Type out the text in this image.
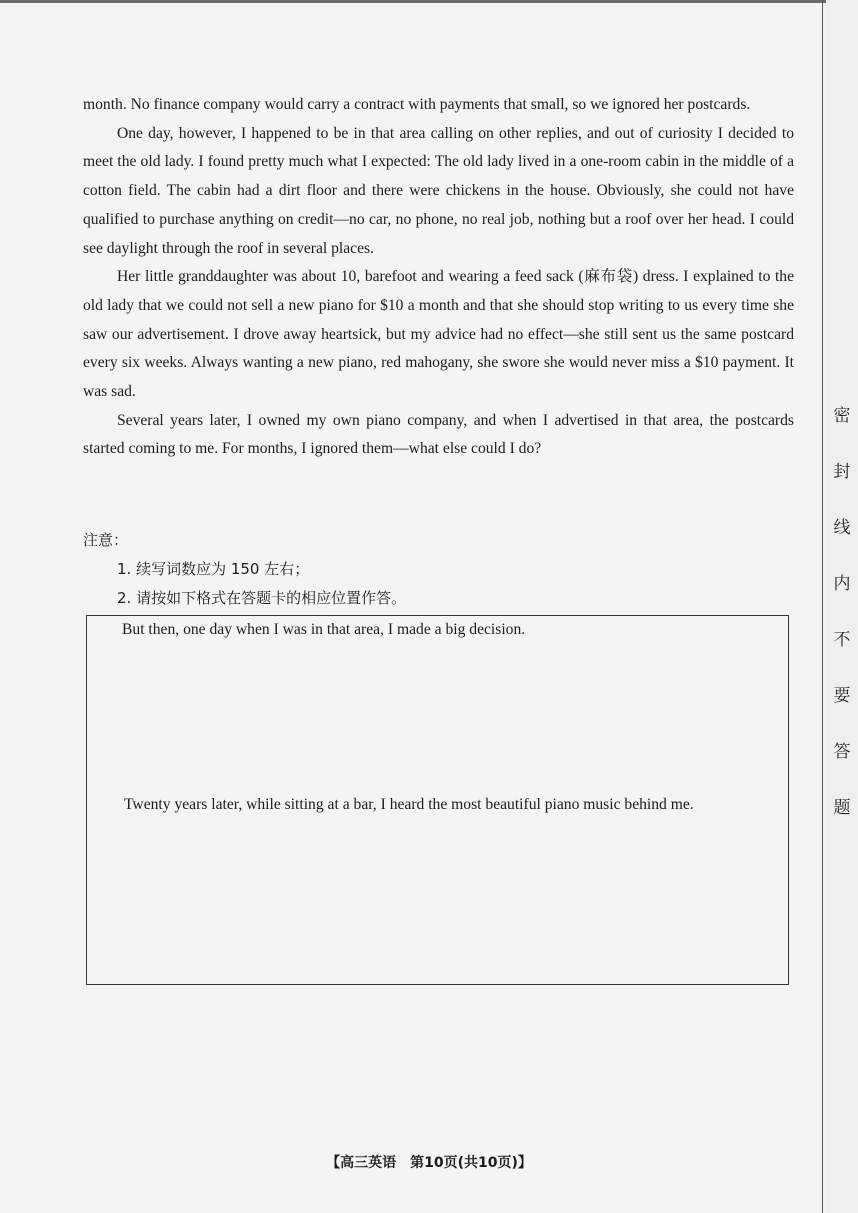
密
封
线
内
不
要
答
题

month. No finance company would carry a contract with payments that small, so we ignored her postcards.

One day, however, I happened to be in that area calling on other replies, and out of curiosity I decided to meet the old lady. I found pretty much what I expected: The old lady lived in a one-room cabin in the middle of a cotton field. The cabin had a dirt floor and there were chickens in the house. Obviously, she could not have qualified to purchase anything on credit—no car, no phone, no real job, nothing but a roof over her head. I could see daylight through the roof in several places.

Her little granddaughter was about 10, barefoot and wearing a feed sack (麻布袋) dress. I explained to the old lady that we could not sell a new piano for $10 a month and that she should stop writing to us every time she saw our advertisement. I drove away heartsick, but my advice had no effect—she still sent us the same postcard every six weeks. Always wanting a new piano, red mahogany, she swore she would never miss a $10 payment. It was sad.

Several years later, I owned my own piano company, and when I advertised in that area, the postcards started coming to me. For months, I ignored them—what else could I do?

注意：
1. 续写词数应为 150 左右；
2. 请按如下格式在答题卡的相应位置作答。
But then, one day when I was in that area, I made a big decision.
Twenty years later, while sitting at a bar, I heard the most beautiful piano music behind me.
【高三英语　第10页(共10页)】
